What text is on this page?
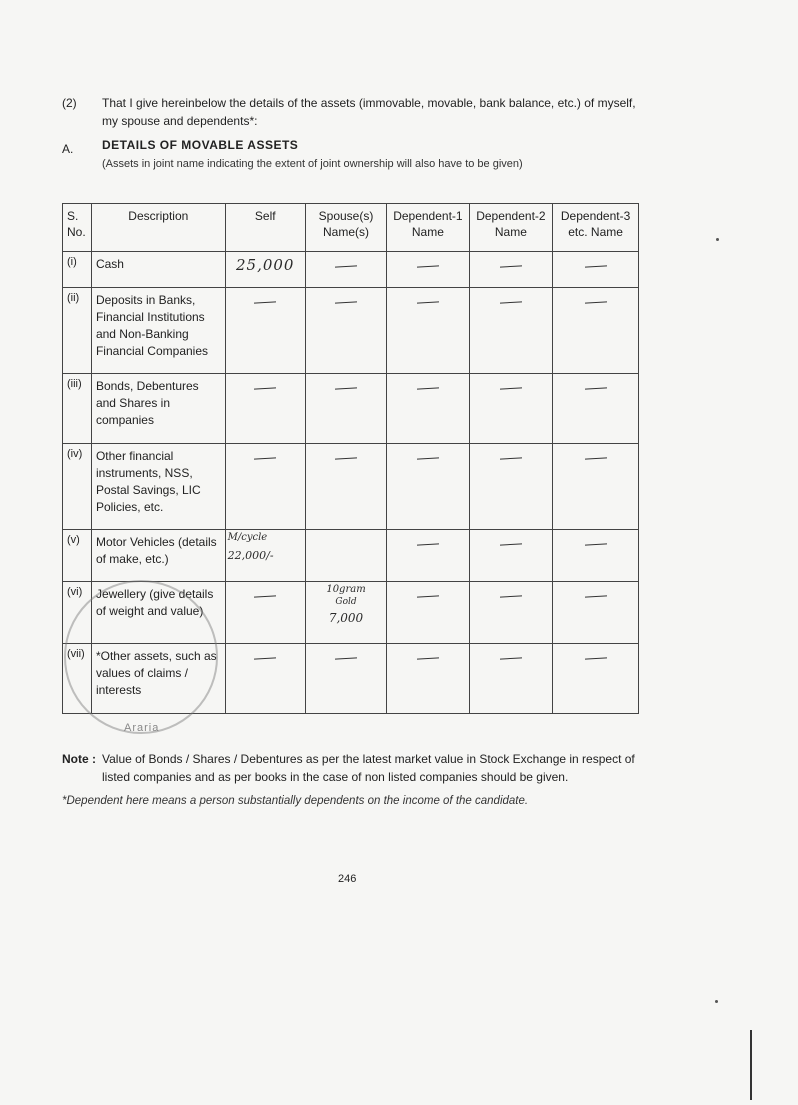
(2) That I give hereinbelow the details of the assets (immovable, movable, bank balance, etc.) of myself, my spouse and dependents*:
A. DETAILS OF MOVABLE ASSETS
(Assets in joint name indicating the extent of joint ownership will also have to be given)
S. No.	Description	Self	Spouse(s) Name(s)	Dependent-1 Name	Dependent-2 Name	Dependent-3 etc. Name
(i)	Cash	25,000				
(ii)	Deposits in Banks, Financial Institutions and Non-Banking Financial Companies					
(iii)	Bonds, Debentures and Shares in companies					
(iv)	Other financial instruments, NSS, Postal Savings, LIC Policies, etc.					
(v)	Motor Vehicles (details of make, etc.)	M/cycle
22,000/-				

(vi)	Jewellery (give details of weight and value)		10gram
Gold
7,000			

(vii)	*Other assets, such as values of claims / interests					
Araria
Note : Value of Bonds / Shares / Debentures as per the latest market value in Stock Exchange in respect of listed companies and as per books in the case of non listed companies should be given.
*Dependent here means a person substantially dependents on the income of the candidate.
246
